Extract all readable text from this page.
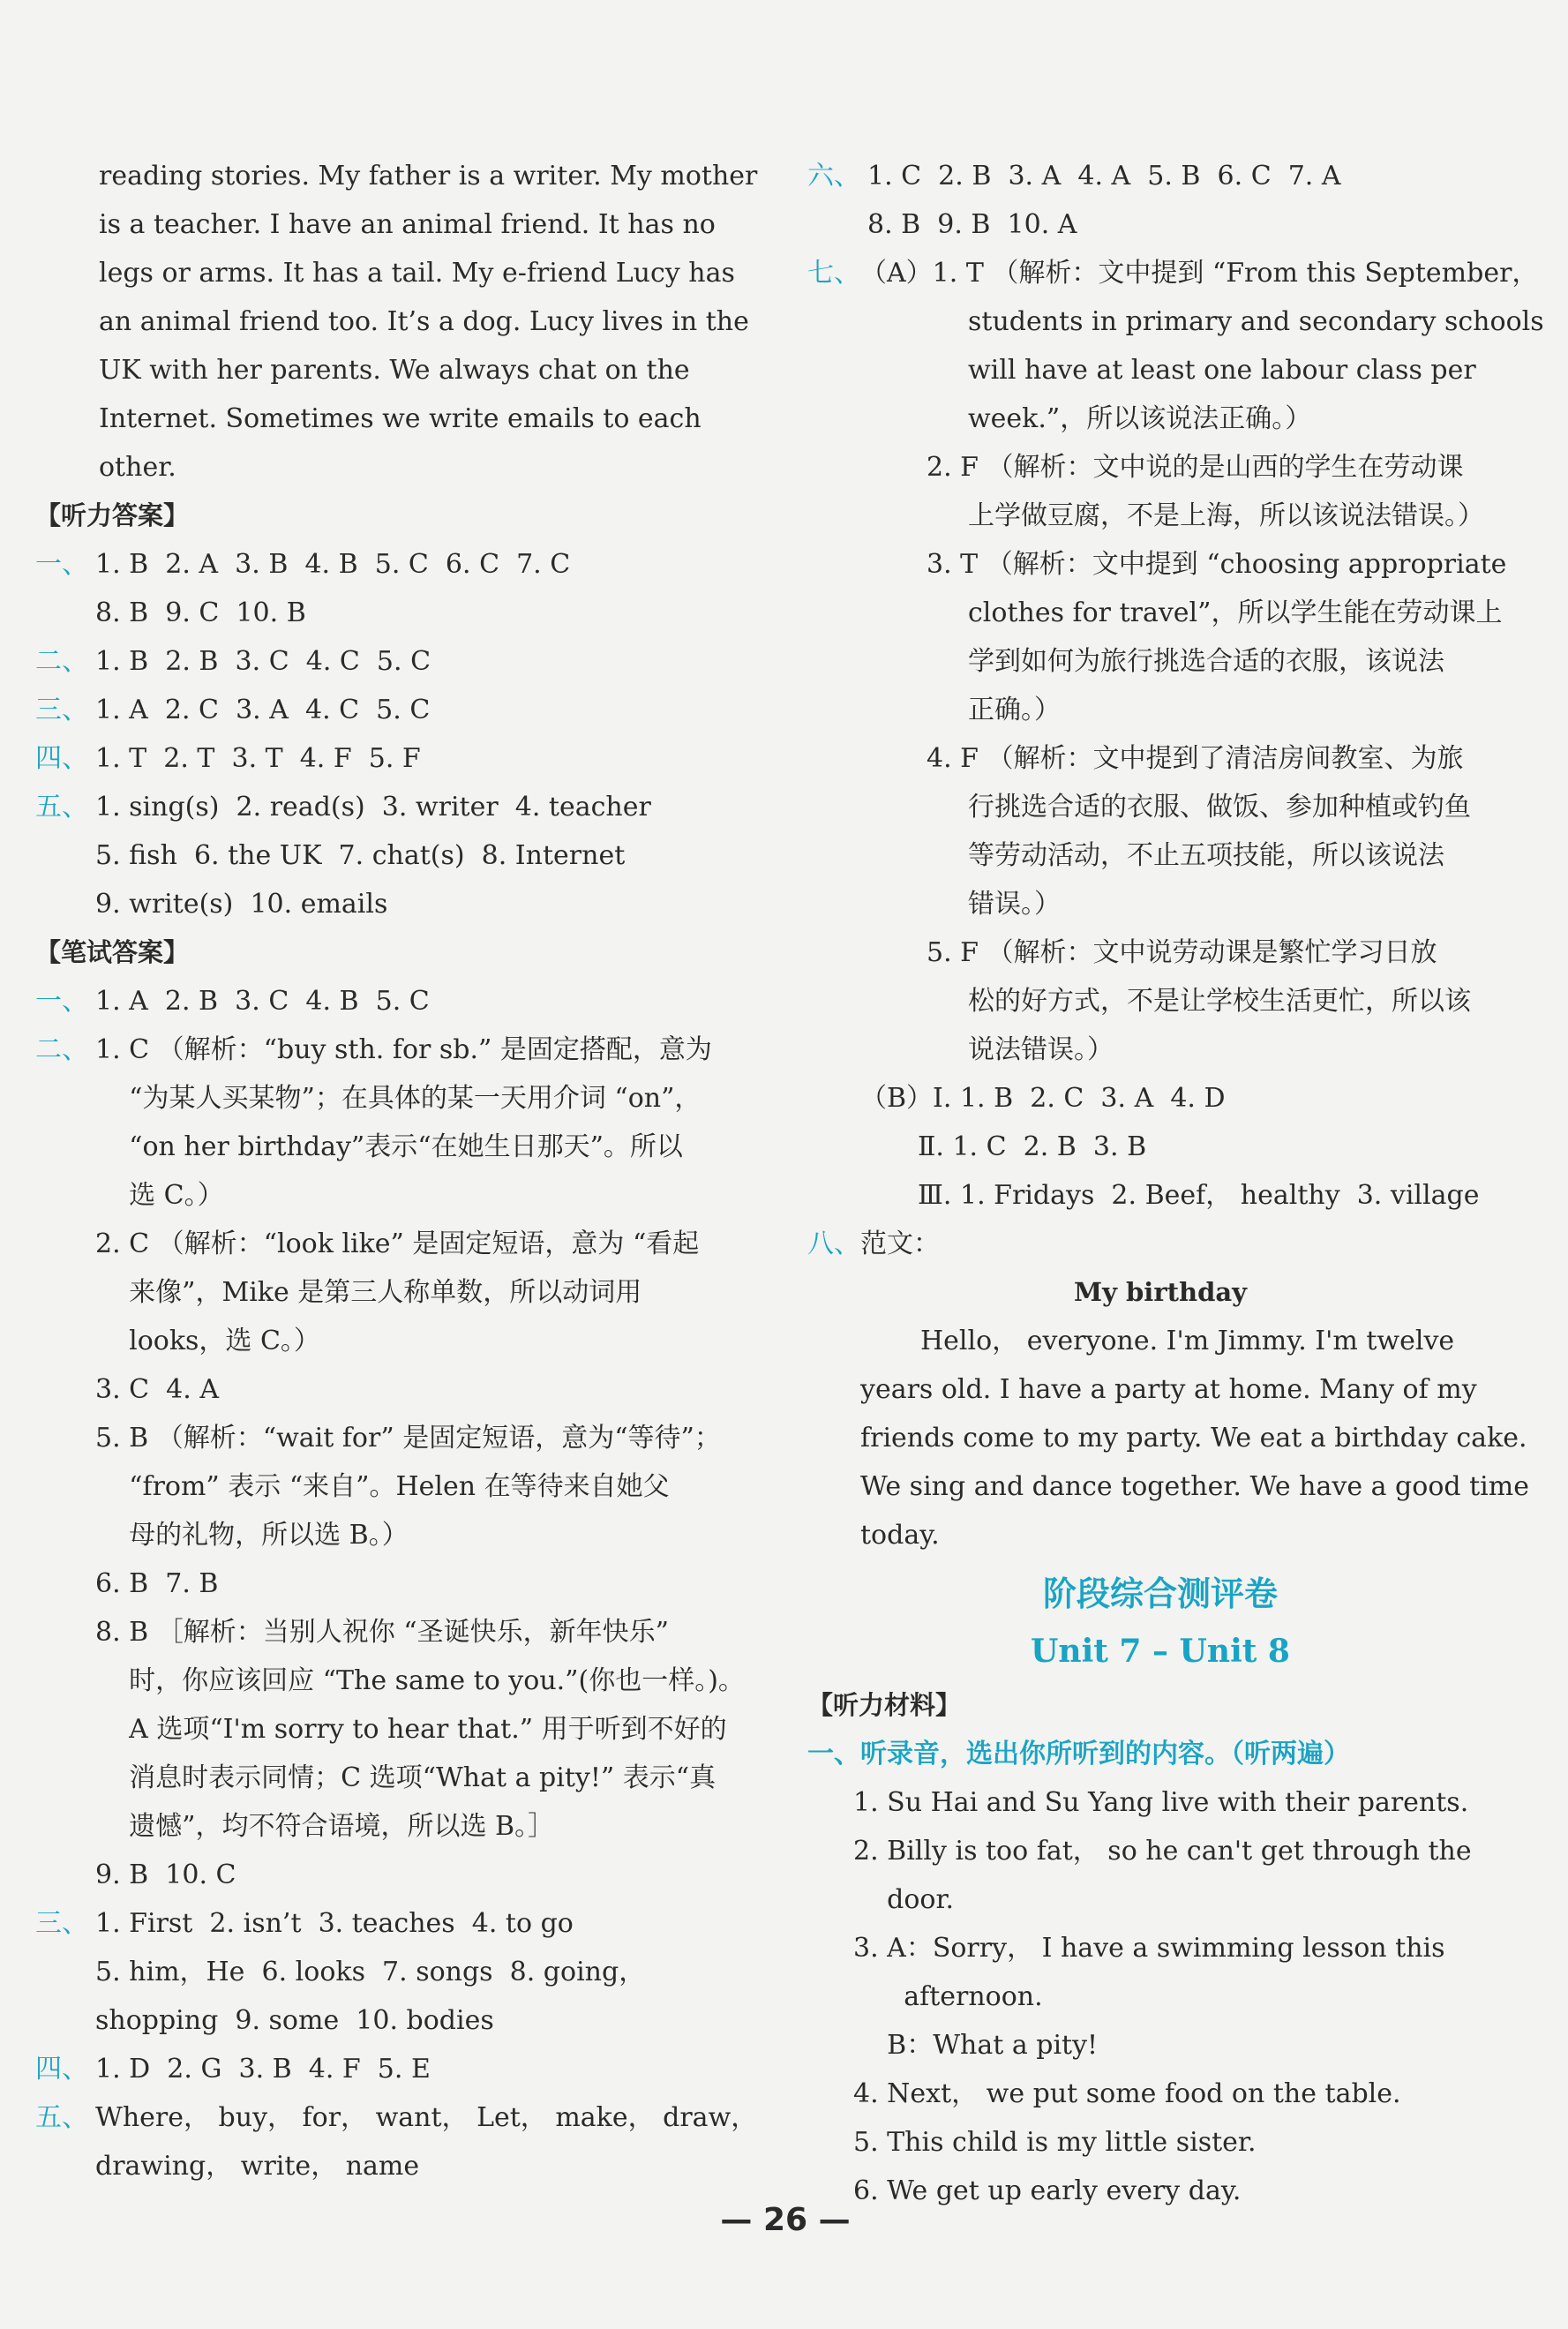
reading stories. My father is a writer. My mother
is a teacher. I have an animal friend. It has no
legs or arms. It has a tail. My e-friend Lucy has
an animal friend too. It’s a dog. Lucy lives in the
UK with her parents. We always chat on the
Internet. Sometimes we write emails to each
other.
【听力答案】
一、 1. B  2. A  3. B  4. B  5. C  6. C  7. C
8. B  9. C  10. B
二、 1. B  2. B  3. C  4. C  5. C
三、 1. A  2. C  3. A  4. C  5. C
四、 1. T  2. T  3. T  4. F  5. F
五、 1. sing(s)  2. read(s)  3. writer  4. teacher
5. fish  6. the UK  7. chat(s)  8. Internet
9. write(s)  10. emails
【笔试答案】
一、 1. A  2. B  3. C  4. B  5. C
二、 1. C （解析：“buy sth. for sb.” 是固定搭配，意为
“为某人买某物”；在具体的某一天用介词 “on”，
“on her birthday”表示“在她生日那天”。所以
选 C。）
2. C （解析：“look like” 是固定短语，意为 “看起
来像”，Mike 是第三人称单数，所以动词用
looks，选 C。）
3. C  4. A
5. B （解析：“wait for” 是固定短语，意为“等待”；
“from” 表示 “来自”。Helen 在等待来自她父
母的礼物，所以选 B。）
6. B  7. B
8. B ［解析：当别人祝你 “圣诞快乐，新年快乐”
时，你应该回应 “The same to you.”(你也一样。)。
A 选项“I'm sorry to hear that.” 用于听到不好的
消息时表示同情；C 选项“What a pity!” 表示“真
遗憾”，均不符合语境，所以选 B。］
9. B  10. C
三、 1. First  2. isn’t  3. teaches  4. to go
5. him，He  6. looks  7. songs  8. going，
shopping  9. some  10. bodies
四、 1. D  2. G  3. B  4. F  5. E
五、 Where， buy， for， want， Let， make， draw，
drawing， write， name
六、 1. C  2. B  3. A  4. A  5. B  6. C  7. A
8. B  9. B  10. A
七、 （A）1. T （解析：文中提到 “From this September，
students in primary and secondary schools
will have at least one labour class per
week.”，所以该说法正确。）
2. F （解析：文中说的是山西的学生在劳动课
上学做豆腐，不是上海，所以该说法错误。）
3. T （解析：文中提到 “choosing appropriate
clothes for travel”，所以学生能在劳动课上
学到如何为旅行挑选合适的衣服，该说法
正确。）
4. F （解析：文中提到了清洁房间教室、为旅
行挑选合适的衣服、做饭、参加种植或钓鱼
等劳动活动，不止五项技能，所以该说法
错误。）
5. F （解析：文中说劳动课是繁忙学习日放
松的好方式，不是让学校生活更忙，所以该
说法错误。）
（B）Ⅰ. 1. B  2. C  3. A  4. D
Ⅱ. 1. C  2. B  3. B
Ⅲ. 1. Fridays  2. Beef， healthy  3. village
八、 范文：
My birthday
Hello， everyone. I'm Jimmy. I'm twelve
years old. I have a party at home. Many of my
friends come to my party. We eat a birthday cake.
We sing and dance together. We have a good time
today.
阶段综合测评卷
Unit 7 – Unit 8
【听力材料】
一、听录音，选出你所听到的内容。（听两遍）
1. Su Hai and Su Yang live with their parents.
2. Billy is too fat， so he can't get through the
door.
3. A：Sorry， I have a swimming lesson this
afternoon.
B：What a pity!
4. Next， we put some food on the table.
5. This child is my little sister.
6. We get up early every day.
— 26 —
